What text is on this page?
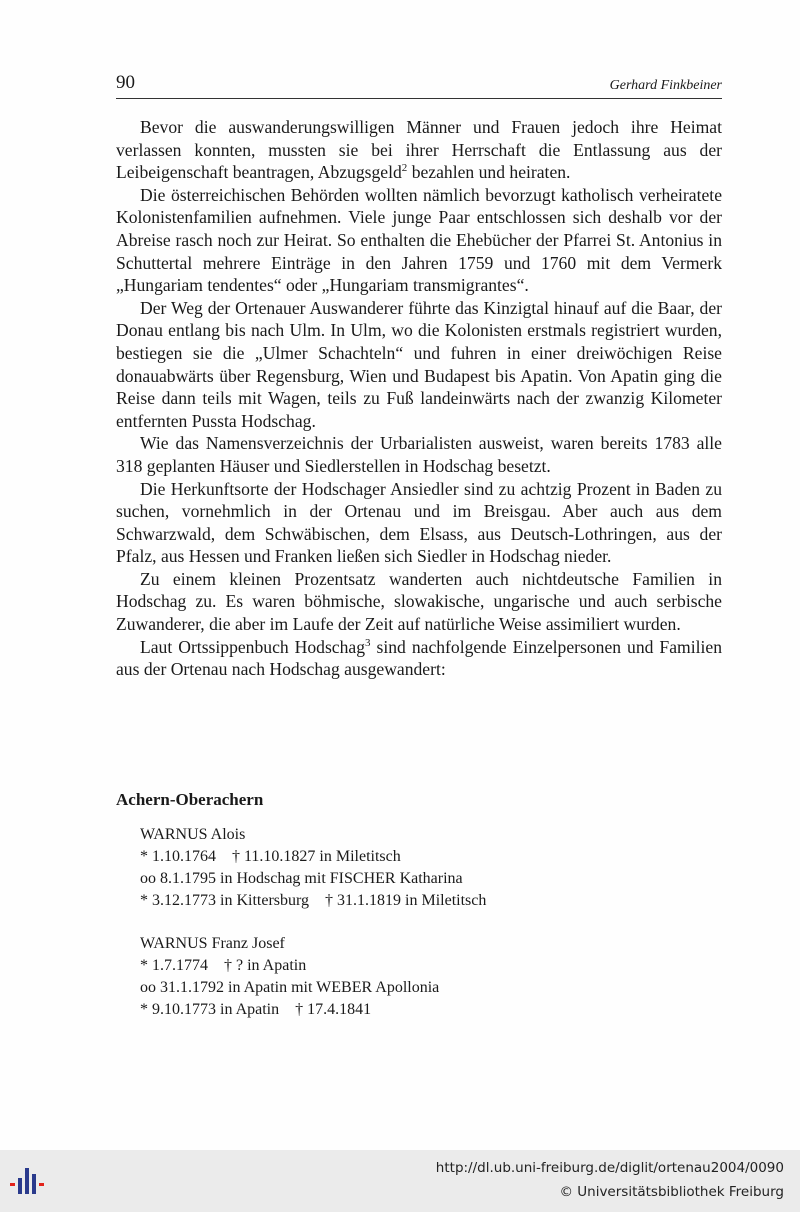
90	Gerhard Finkbeiner

Bevor die auswanderungswilligen Männer und Frauen jedoch ihre Heimat verlassen konnten, mussten sie bei ihrer Herrschaft die Entlassung aus der Leibeigenschaft beantragen, Abzugsgeld$^2$ bezahlen und heiraten.

Die österreichischen Behörden wollten nämlich bevorzugt katholisch verheiratete Kolonistenfamilien aufnehmen. Viele junge Paar entschlossen sich deshalb vor der Abreise rasch noch zur Heirat. So enthalten die Ehebücher der Pfarrei St. Antonius in Schuttertal mehrere Einträge in den Jahren 1759 und 1760 mit dem Vermerk „Hungariam tendentes“ oder „Hungariam transmigrantes“.

Der Weg der Ortenauer Auswanderer führte das Kinzigtal hinauf auf die Baar, der Donau entlang bis nach Ulm. In Ulm, wo die Kolonisten erstmals registriert wurden, bestiegen sie die „Ulmer Schachteln“ und fuhren in einer dreiwöchigen Reise donauabwärts über Regensburg, Wien und Budapest bis Apatin. Von Apatin ging die Reise dann teils mit Wagen, teils zu Fuß landeinwärts nach der zwanzig Kilometer entfernten Pussta Hodschag.

Wie das Namensverzeichnis der Urbarialisten ausweist, waren bereits 1783 alle 318 geplanten Häuser und Siedlerstellen in Hodschag besetzt.

Die Herkunftsorte der Hodschager Ansiedler sind zu achtzig Prozent in Baden zu suchen, vornehmlich in der Ortenau und im Breisgau. Aber auch aus dem Schwarzwald, dem Schwäbischen, dem Elsass, aus Deutsch-Lothringen, aus der Pfalz, aus Hessen und Franken ließen sich Siedler in Hodschag nieder.

Zu einem kleinen Prozentsatz wanderten auch nichtdeutsche Familien in Hodschag zu. Es waren böhmische, slowakische, ungarische und auch serbische Zuwanderer, die aber im Laufe der Zeit auf natürliche Weise assimiliert wurden.

Laut Ortssippenbuch Hodschag$^3$ sind nachfolgende Einzelpersonen und Familien aus der Ortenau nach Hodschag ausgewandert:

Achern-Oberachern
WARNUS Alois
* 1.10.1764    † 11.10.1827 in Miletitsch
oo 8.1.1795 in Hodschag mit FISCHER Katharina
* 3.12.1773 in Kittersburg    † 31.1.1819 in Miletitsch
WARNUS Franz Josef
* 1.7.1774    † ? in Apatin
oo 31.1.1792 in Apatin mit WEBER Apollonia
* 9.10.1773 in Apatin    † 17.4.1841
http://dl.ub.uni-freiburg.de/diglit/ortenau2004/0090
© Universitätsbibliothek Freiburg
